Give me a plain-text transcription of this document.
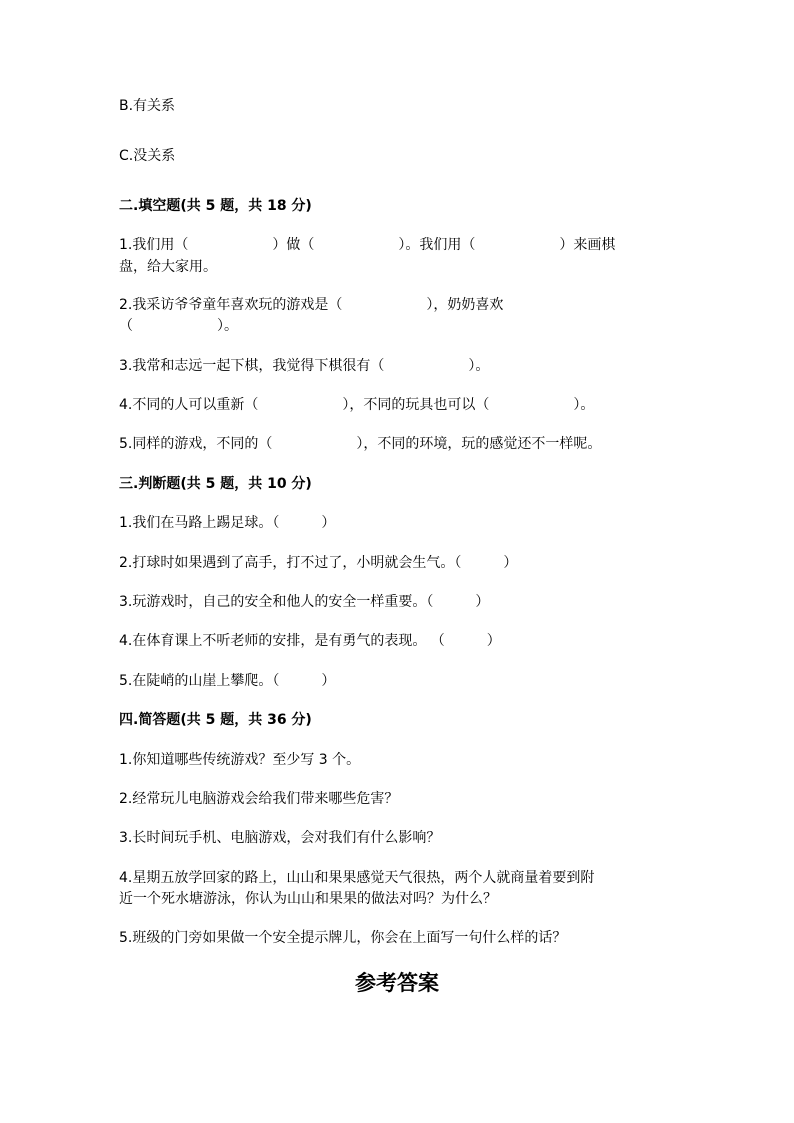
B.有关系
C.没关系
二.填空题(共 5 题，共 18 分)
1.我们用（　　　　　　）做（　　　　　　）。我们用（　　　　　　）来画棋
盘，给大家用。
2.我采访爷爷童年喜欢玩的游戏是（　　　　　　），奶奶喜欢
（　　　　　　）。
3.我常和志远一起下棋，我觉得下棋很有（　　　　　　）。
4.不同的人可以重新（　　　　　　），不同的玩具也可以（　　　　　　）。
5.同样的游戏，不同的（　　　　　　），不同的环境，玩的感觉还不一样呢。
三.判断题(共 5 题，共 10 分)
1.我们在马路上踢足球。（　　　）
2.打球时如果遇到了高手，打不过了，小明就会生气。（　　　）
3.玩游戏时，自己的安全和他人的安全一样重要。（　　　）
4.在体育课上不听老师的安排，是有勇气的表现。 （　　　）
5.在陡峭的山崖上攀爬。（　　　）
四.简答题(共 5 题，共 36 分)
1.你知道哪些传统游戏？至少写 3 个。
2.经常玩儿电脑游戏会给我们带来哪些危害？
3.长时间玩手机、电脑游戏，会对我们有什么影响？
4.星期五放学回家的路上，山山和果果感觉天气很热，两个人就商量着要到附
近一个死水塘游泳，你认为山山和果果的做法对吗？为什么？
5.班级的门旁如果做一个安全提示牌儿，你会在上面写一句什么样的话？
参考答案
